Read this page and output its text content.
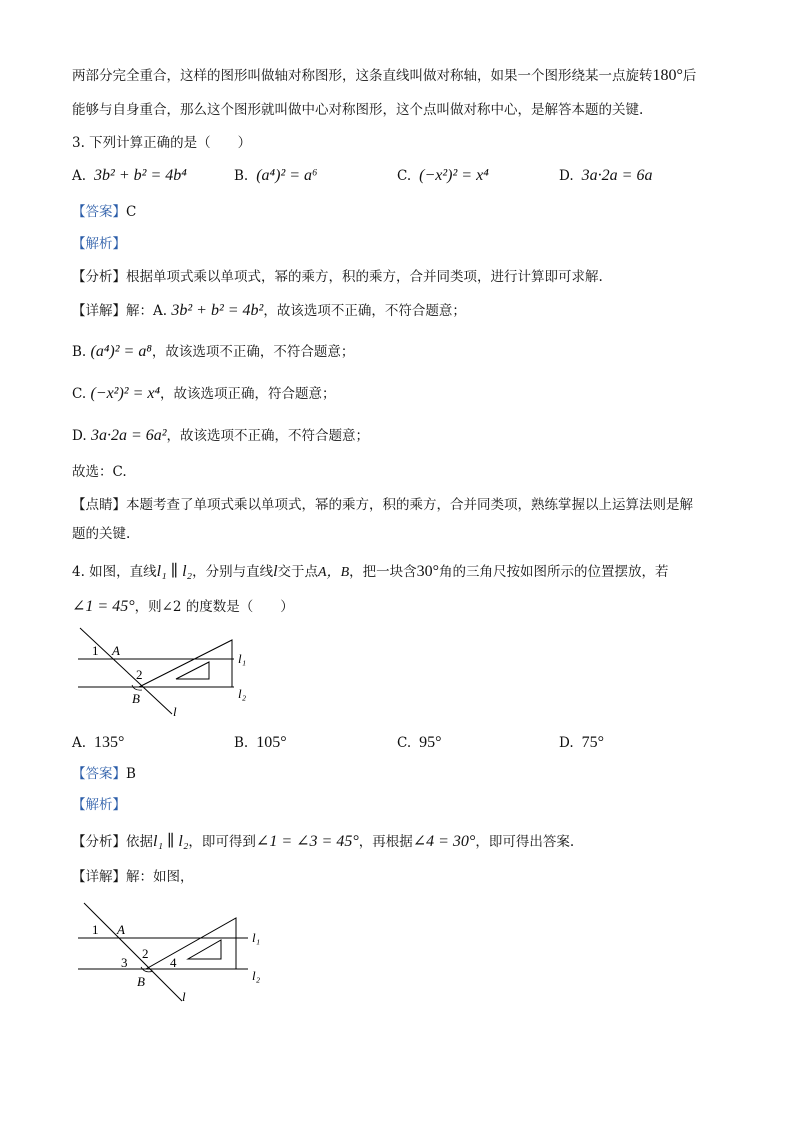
两部分完全重合，这样的图形叫做轴对称图形，这条直线叫做对称轴，如果一个图形绕某一点旋转180°后
能够与自身重合，那么这个图形就叫做中心对称图形，这个点叫做对称中心，是解答本题的关键.
3. 下列计算正确的是（　　）
A. 3b² + b² = 4b⁴	B. (a⁴)² = a⁶	C. (−x²)² = x⁴	D. 3a·2a = 6a
【答案】C
【解析】
【分析】根据单项式乘以单项式，幂的乘方，积的乘方，合并同类项，进行计算即可求解.
【详解】解：A. 3b² + b² = 4b²，故该选项不正确，不符合题意；
B. (a⁴)² = a⁸，故该选项不正确，不符合题意；
C. (−x²)² = x⁴，故该选项正确，符合题意；
D. 3a·2a = 6a²，故该选项不正确，不符合题意；
故选：C.
【点睛】本题考查了单项式乘以单项式，幂的乘方，积的乘方，合并同类项，熟练掌握以上运算法则是解
题的关键.
4. 如图，直线l₁ ∥ l₂，分别与直线l交于点A，B，把一块含30°角的三角尺按如图所示的位置摆放，若
∠1 = 45°，则∠2 的度数是（　　）
1 A
2
B
l
l₁
l₂
A. 135°	B. 105°	C. 95°	D. 75°
【答案】B
【解析】
【分析】依据l₁ ∥ l₂，即可得到∠1 = ∠3 = 45°，再根据∠4 = 30°，即可得出答案.
【详解】解：如图，
1 A
2
3	4
B
l
l₁
l₂
